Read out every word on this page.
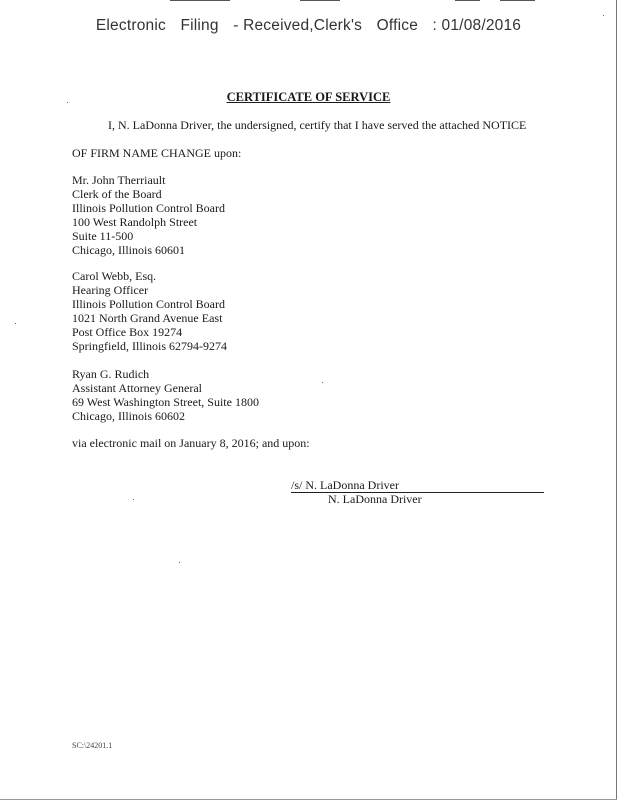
Electronic Filing - Received,Clerk's Office : 01/08/2016
CERTIFICATE OF SERVICE
I, N. LaDonna Driver, the undersigned, certify that I have served the attached NOTICE
OF FIRM NAME CHANGE upon:
Mr. John Therriault
Clerk of the Board
Illinois Pollution Control Board
100 West Randolph Street
Suite 11-500
Chicago, Illinois 60601
Carol Webb, Esq.
Hearing Officer
Illinois Pollution Control Board
1021 North Grand Avenue East
Post Office Box 19274
Springfield, Illinois 62794-9274
Ryan G. Rudich
Assistant Attorney General
69 West Washington Street, Suite 1800
Chicago, Illinois 60602
via electronic mail on January 8, 2016; and upon:
/s/ N. LaDonna Driver
N. LaDonna Driver
SC:\24201.1
